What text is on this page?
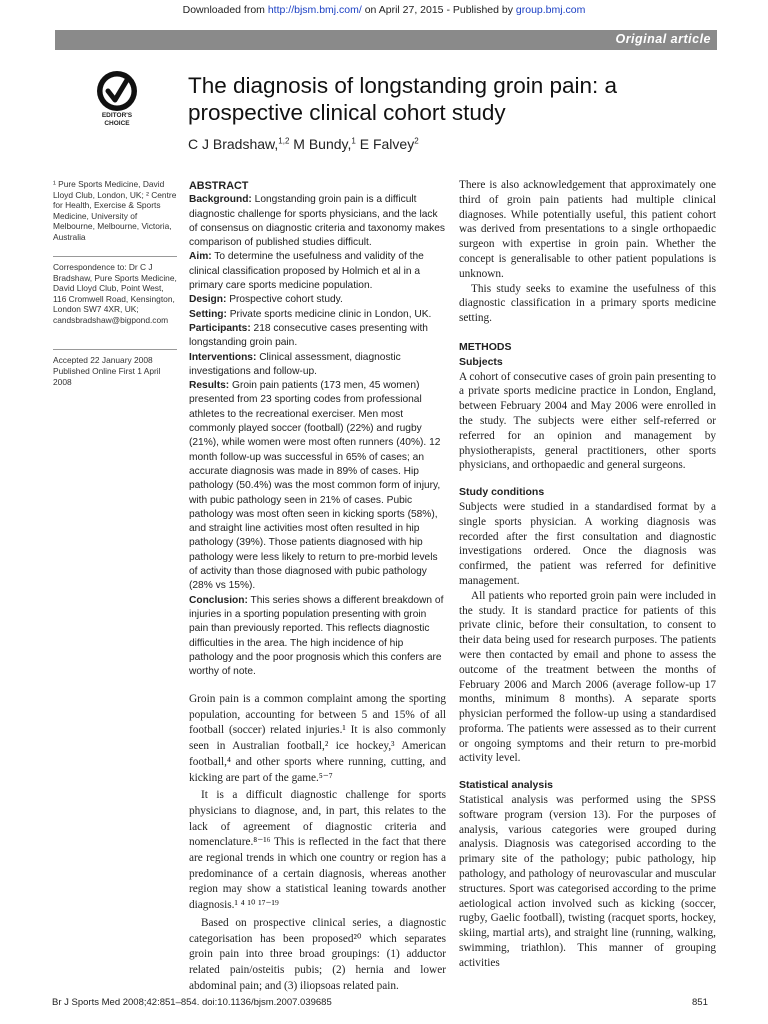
Downloaded from http://bjsm.bmj.com/ on April 27, 2015 - Published by group.bmj.com
Original article
EDITOR'S
CHOICE
The diagnosis of longstanding groin pain: a prospective clinical cohort study
C J Bradshaw,$^{1,2}$ M Bundy,$^1$ E Falvey$^2$
¹ Pure Sports Medicine, David Lloyd Club, London, UK; ² Centre for Health, Exercise & Sports Medicine, University of Melbourne, Melbourne, Victoria, Australia
Correspondence to: Dr C J Bradshaw, Pure Sports Medicine, David Lloyd Club, Point West, 116 Cromwell Road, Kensington, London SW7 4XR, UK; candsbradshaw@bigpond.com
Accepted 22 January 2008
Published Online First 1 April 2008
ABSTRACT

Background: Longstanding groin pain is a difficult diagnostic challenge for sports physicians, and the lack of consensus on diagnostic criteria and taxonomy makes comparison of published studies difficult.

Aim: To determine the usefulness and validity of the clinical classification proposed by Holmich et al in a primary care sports medicine population.

Design: Prospective cohort study.

Setting: Private sports medicine clinic in London, UK.

Participants: 218 consecutive cases presenting with longstanding groin pain.

Interventions: Clinical assessment, diagnostic investigations and follow-up.

Results: Groin pain patients (173 men, 45 women) presented from 23 sporting codes from professional athletes to the recreational exerciser. Men most commonly played soccer (football) (22%) and rugby (21%), while women were most often runners (40%). 12 month follow-up was successful in 65% of cases; an accurate diagnosis was made in 89% of cases. Hip pathology (50.4%) was the most common form of injury, with pubic pathology seen in 21% of cases. Pubic pathology was most often seen in kicking sports (58%), and straight line activities most often resulted in hip pathology (39%). Those patients diagnosed with hip pathology were less likely to return to pre-morbid levels of activity than those diagnosed with pubic pathology (28% vs 15%).

Conclusion: This series shows a different breakdown of injuries in a sporting population presenting with groin pain than previously reported. This reflects diagnostic difficulties in the area. The high incidence of hip pathology and the poor prognosis which this confers are worthy of note.

Groin pain is a common complaint among the sporting population, accounting for between 5 and 15% of all football (soccer) related injuries.¹ It is also commonly seen in Australian football,² ice hockey,³ American football,⁴ and other sports where running, cutting, and kicking are part of the game.⁵⁻⁷

It is a difficult diagnostic challenge for sports physicians to diagnose, and, in part, this relates to the lack of agreement of diagnostic criteria and nomenclature.⁸⁻¹⁶ This is reflected in the fact that there are regional trends in which one country or region has a predominance of a certain diagnosis, whereas another region may show a statistical leaning towards another diagnosis.¹ ⁴ ¹⁰ ¹⁷⁻¹⁹

Based on prospective clinical series, a diagnostic categorisation has been proposed²⁰ which separates groin pain into three broad groupings: (1) adductor related pain/osteitis pubis; (2) hernia and lower abdominal pain; and (3) iliopsoas related pain.

There is also acknowledgement that approximately one third of groin pain patients had multiple clinical diagnoses. While potentially useful, this patient cohort was derived from presentations to a single orthopaedic surgeon with expertise in groin pain. Whether the concept is generalisable to other patient populations is unknown.

This study seeks to examine the usefulness of this diagnostic classification in a primary sports medicine setting.

METHODS
Subjects

A cohort of consecutive cases of groin pain presenting to a private sports medicine practice in London, England, between February 2004 and May 2006 were enrolled in the study. The subjects were either self-referred or referred for an opinion and management by physiotherapists, general practitioners, other sports physicians, and orthopaedic and general surgeons.

Study conditions

Subjects were studied in a standardised format by a single sports physician. A working diagnosis was recorded after the first consultation and diagnostic investigations ordered. Once the diagnosis was confirmed, the patient was referred for definitive management.

All patients who reported groin pain were included in the study. It is standard practice for patients of this private clinic, before their consultation, to consent to their data being used for research purposes. The patients were then contacted by email and phone to assess the outcome of the treatment between the months of February 2006 and March 2006 (average follow-up 17 months, minimum 8 months). A separate sports physician performed the follow-up using a standardised proforma. The patients were assessed as to their current or ongoing symptoms and their return to pre-morbid activity level.

Statistical analysis

Statistical analysis was performed using the SPSS software program (version 13). For the purposes of analysis, various categories were grouped during analysis. Diagnosis was categorised according to the primary site of the pathology; pubic pathology, hip pathology, and pathology of neurovascular and muscular structures. Sport was categorised according to the prime aetiological action involved such as kicking (soccer, rugby, Gaelic football), twisting (racquet sports, hockey, skiing, martial arts), and straight line (running, walking, swimming, triathlon). This manner of grouping activities

Br J Sports Med 2008;42:851–854. doi:10.1136/bjsm.2007.039685	851
